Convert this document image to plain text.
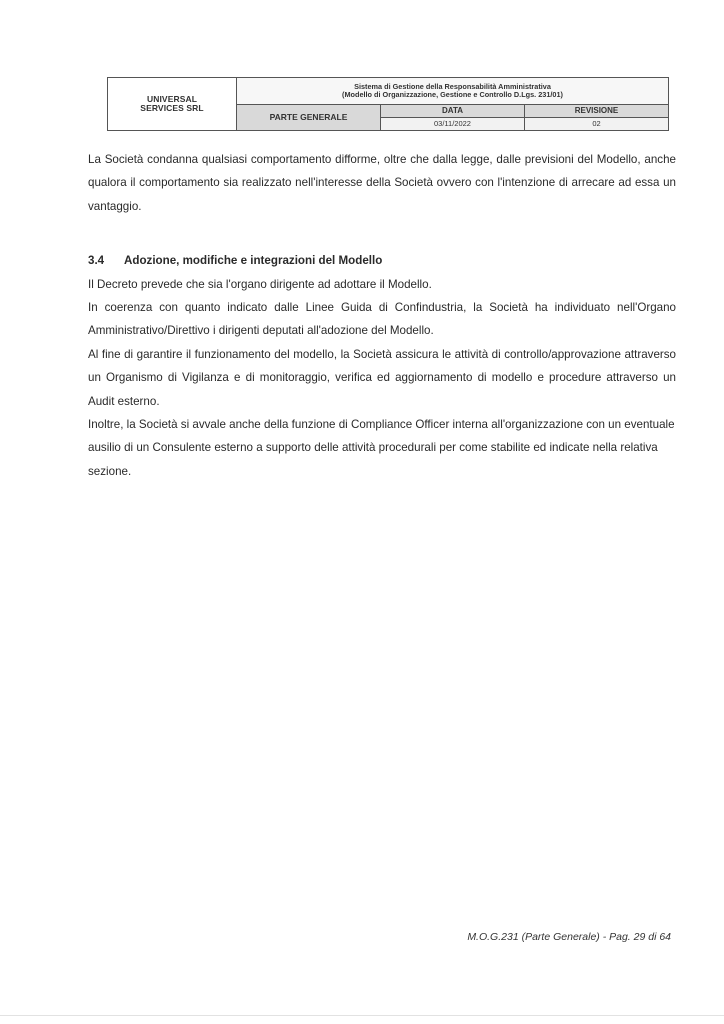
UNIVERSAL
SERVICES SRL	Sistema di Gestione della Responsabilità Amministrativa
(Modello di Organizzazione, Gestione e Controllo D.Lgs. 231/01)		
	PARTE GENERALE	DATA	REVISIONE
		03/11/2022	02

La Società condanna qualsiasi comportamento difforme, oltre che dalla legge, dalle previsioni del Modello, anche qualora il comportamento sia realizzato nell'interesse della Società ovvero con l'intenzione di arrecare ad essa un vantaggio.

3.4	Adozione, modifiche e integrazioni del Modello

Il Decreto prevede che sia l'organo dirigente ad adottare il Modello.

In coerenza con quanto indicato dalle Linee Guida di Confindustria, la Società ha individuato nell'Organo Amministrativo/Direttivo i dirigenti deputati all'adozione del Modello.

Al fine di garantire il funzionamento del modello, la Società assicura le attività di controllo/approvazione attraverso un Organismo di Vigilanza e di monitoraggio, verifica ed aggiornamento di modello e procedure attraverso un Audit esterno.

Inoltre, la Società si avvale anche della funzione di Compliance Officer interna all'organizzazione con un eventuale ausilio di un Consulente esterno a supporto delle attività procedurali per come stabilite ed indicate nella relativa sezione.

M.O.G.231 (Parte Generale) - Pag. 29 di 64
